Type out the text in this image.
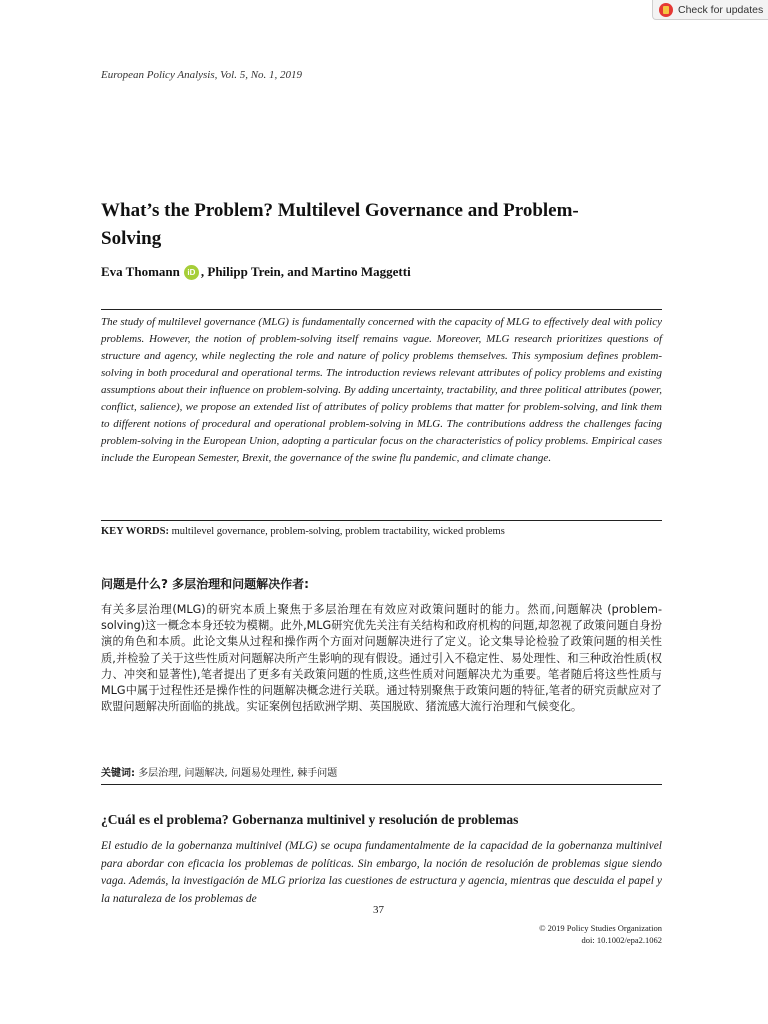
Check for updates
European Policy Analysis, Vol. 5, No. 1, 2019
What’s the Problem? Multilevel Governance and Problem-Solving
Eva Thomann iD , Philipp Trein, and Martino Maggetti

The study of multilevel governance (MLG) is fundamentally concerned with the capacity of MLG to effectively deal with policy problems. However, the notion of problem-solving itself remains vague. Moreover, MLG research prioritizes questions of structure and agency, while neglecting the role and nature of policy problems themselves. This symposium defines problem-solving in both procedural and operational terms. The introduction reviews relevant attributes of policy problems and existing assumptions about their influence on problem-solving. By adding uncertainty, tractability, and three political attributes (power, conflict, salience), we propose an extended list of attributes of policy problems that matter for problem-solving, and link them to different notions of procedural and operational problem-solving in MLG. The contributions address the challenges facing problem-solving in the European Union, adopting a particular focus on the characteristics of policy problems. Empirical cases include the European Semester, Brexit, the governance of the swine flu pandemic, and climate change.

KEY WORDS: multilevel governance, problem-solving, problem tractability, wicked problems
问题是什么? 多层治理和问题解决作者:

有关多层治理(MLG)的研究本质上聚焦于多层治理在有效应对政策问题时的能力。然而,问题解决 (problem-solving)这一概念本身还较为模糊。此外,MLG研究优先关注有关结构和政府机构的问题,却忽视了政策问题自身扮演的角色和本质。此论文集从过程和操作两个方面对问题解决进行了定义。论文集导论检验了政策问题的相关性质,并检验了关于这些性质对问题解决所产生影响的现有假设。通过引入不稳定性、易处理性、和三种政治性质(权力、冲突和显著性),笔者提出了更多有关政策问题的性质,这些性质对问题解决尤为重要。笔者随后将这些性质与MLG中属于过程性还是操作性的问题解决概念进行关联。通过特别聚焦于政策问题的特征,笔者的研究贡献应对了欧盟问题解决所面临的挑战。实证案例包括欧洲学期、英国脱欧、猪流感大流行治理和气候变化。

关键词: 多层治理, 问题解决, 问题易处理性, 棘手问题
¿Cuál es el problema? Gobernanza multinivel y resolución de problemas

El estudio de la gobernanza multinivel (MLG) se ocupa fundamentalmente de la capacidad de la gobernanza multinivel para abordar con eficacia los problemas de políticas. Sin embargo, la noción de resolución de problemas sigue siendo vaga. Además, la investigación de MLG prioriza las cuestiones de estructura y agencia, mientras que descuida el papel y la naturaleza de los problemas de

37
© 2019 Policy Studies Organization
doi: 10.1002/epa2.1062
